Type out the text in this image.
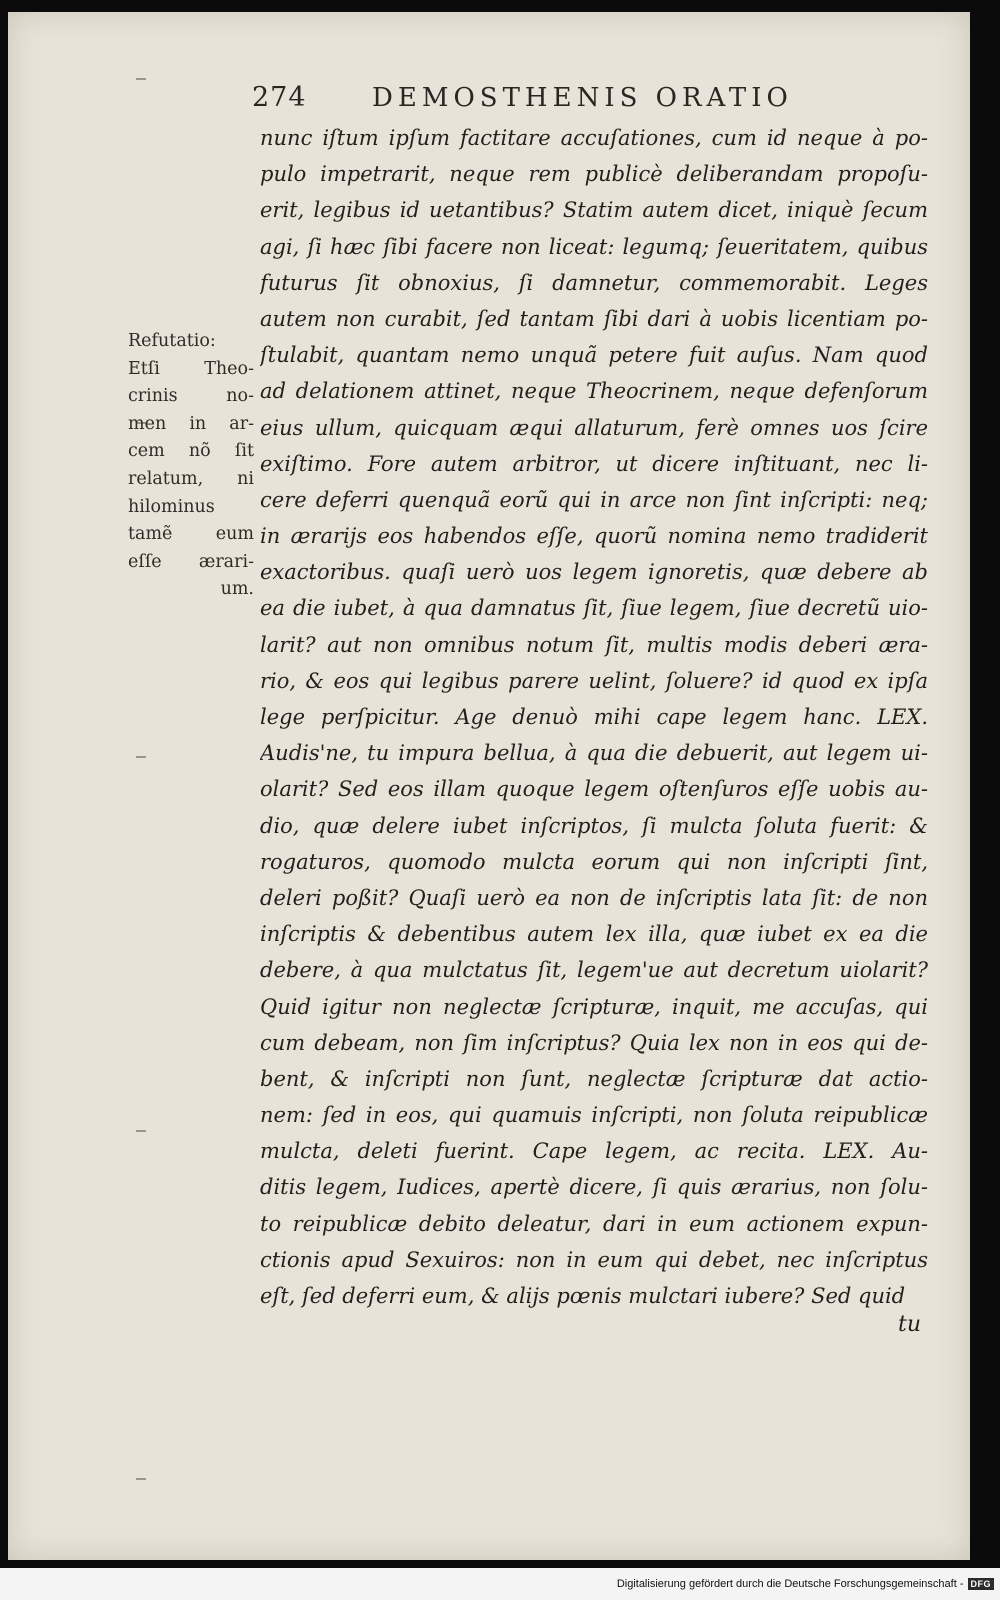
274	DEMOSTHENIS ORATIO
Refutatio:
Etſi Theo-
crinis no-
men in ar-
cem nõ ſit
relatum, ni
hilominus
tamẽ eum
eſſe ærari-
um.
nunc iſtum ipſum factitare accuſationes, cum id neque à po-
pulo impetrarit, neque rem publicè deliberandam propoſu-
erit, legibus id uetantibus? Statim autem dicet, iniquè ſecum
agi, ſi hæc ſibi facere non liceat: legumq; ſeueritatem, quibus
futurus ſit obnoxius, ſi damnetur, commemorabit. Leges
autem non curabit, ſed tantam ſibi dari à uobis licentiam po-
ſtulabit, quantam nemo unquã petere fuit auſus. Nam quod
ad delationem attinet, neque Theocrinem, neque defenſorum
eius ullum, quicquam æqui allaturum, ferè omnes uos ſcire
exiſtimo. Fore autem arbitror, ut dicere inſtituant, nec li-
cere deferri quenquã eorũ qui in arce non ſint inſcripti: neq;
in ærarijs eos habendos eſſe, quorũ nomina nemo tradiderit
exactoribus. quaſi uerò uos legem ignoretis, quæ debere ab
ea die iubet, à qua damnatus ſit, ſiue legem, ſiue decretũ uio-
larit? aut non omnibus notum ſit, multis modis deberi æra-
rio, & eos qui legibus parere uelint, ſoluere? id quod ex ipſa
lege perſpicitur. Age denuò mihi cape legem hanc. LEX.
Audis'ne, tu impura bellua, à qua die debuerit, aut legem ui-
olarit? Sed eos illam quoque legem oſtenſuros eſſe uobis au-
dio, quæ delere iubet inſcriptos, ſi mulcta ſoluta fuerit: &
rogaturos, quomodo mulcta eorum qui non inſcripti ſint,
deleri poßit? Quaſi uerò ea non de inſcriptis lata ſit: de non
inſcriptis & debentibus autem lex illa, quæ iubet ex ea die
debere, à qua mulctatus ſit, legem'ue aut decretum uiolarit?
Quid igitur non neglectæ ſcripturæ, inquit, me accuſas, qui
cum debeam, non ſim inſcriptus? Quia lex non in eos qui de-
bent, & inſcripti non ſunt, neglectæ ſcripturæ dat actio-
nem: ſed in eos, qui quamuis inſcripti, non ſoluta reipublicæ
mulcta, deleti fuerint. Cape legem, ac recita. LEX. Au-
ditis legem, Iudices, apertè dicere, ſi quis ærarius, non ſolu-
to reipublicæ debito deleatur, dari in eum actionem expun-
ctionis apud Sexuiros: non in eum qui debet, nec inſcriptus
eſt, ſed deferri eum, & alijs pœnis mulctari iubere? Sed quid
tu
Digitalisierung gefördert durch die Deutsche Forschungsgemeinschaft - DFG
